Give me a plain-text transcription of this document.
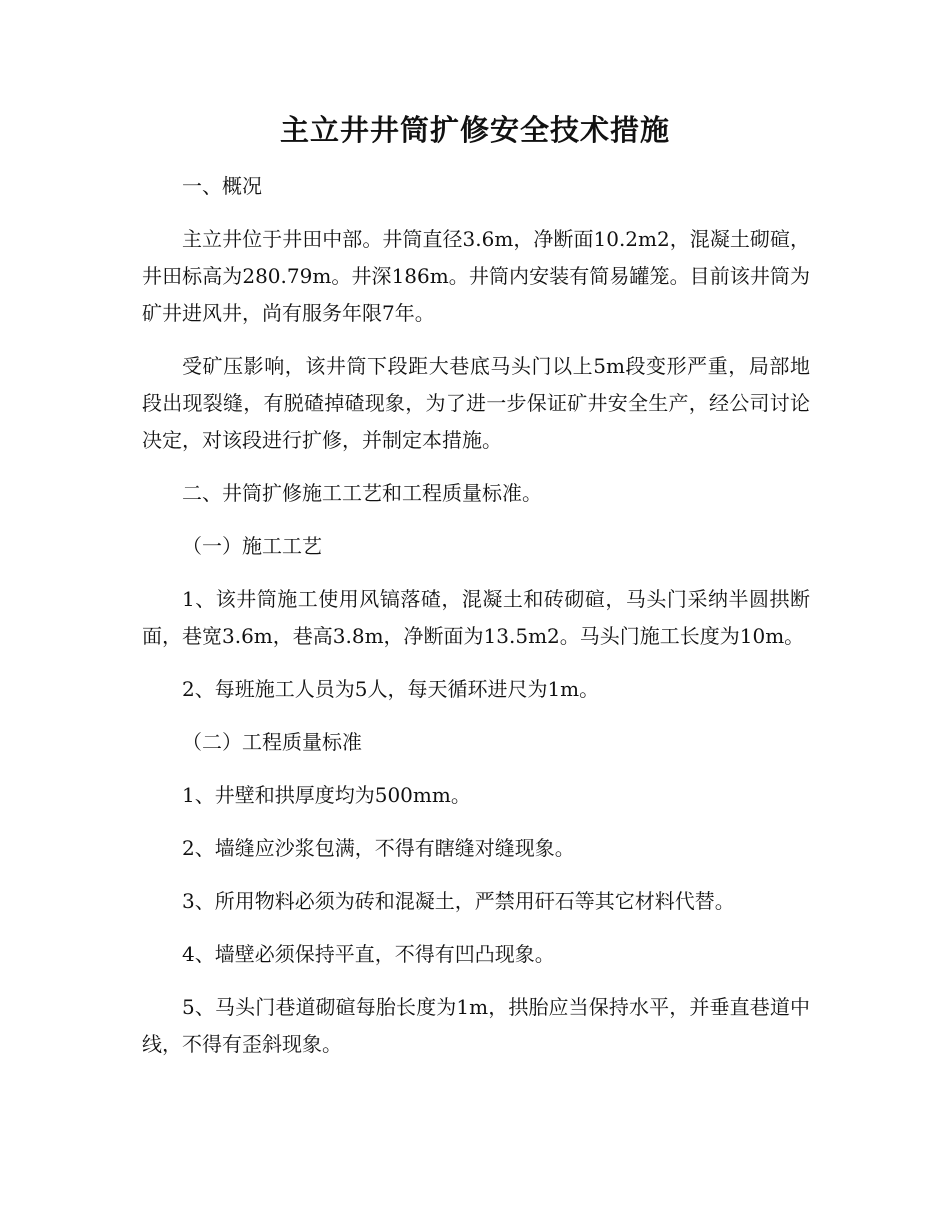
主立井井筒扩修安全技术措施

一、概况

主立井位于井田中部。井筒直径3.6m，净断面10.2m2，混凝土砌碹，井田标高为280.79m。井深186m。井筒内安装有简易罐笼。目前该井筒为矿井进风井，尚有服务年限7年。

受矿压影响，该井筒下段距大巷底马头门以上5m段变形严重，局部地段出现裂缝，有脱碴掉碴现象，为了进一步保证矿井安全生产，经公司讨论决定，对该段进行扩修，并制定本措施。

二、井筒扩修施工工艺和工程质量标准。

（一）施工工艺

1、该井筒施工使用风镐落碴，混凝土和砖砌碹，马头门采纳半圆拱断面，巷宽3.6m，巷高3.8m，净断面为13.5m2。马头门施工长度为10m。

2、每班施工人员为5人，每天循环进尺为1m。

（二）工程质量标准

1、井壁和拱厚度均为500mm。

2、墙缝应沙浆包满，不得有瞎缝对缝现象。

3、所用物料必须为砖和混凝土，严禁用矸石等其它材料代替。

4、墙壁必须保持平直，不得有凹凸现象。

5、马头门巷道砌碹每胎长度为1m，拱胎应当保持水平，并垂直巷道中线，不得有歪斜现象。
